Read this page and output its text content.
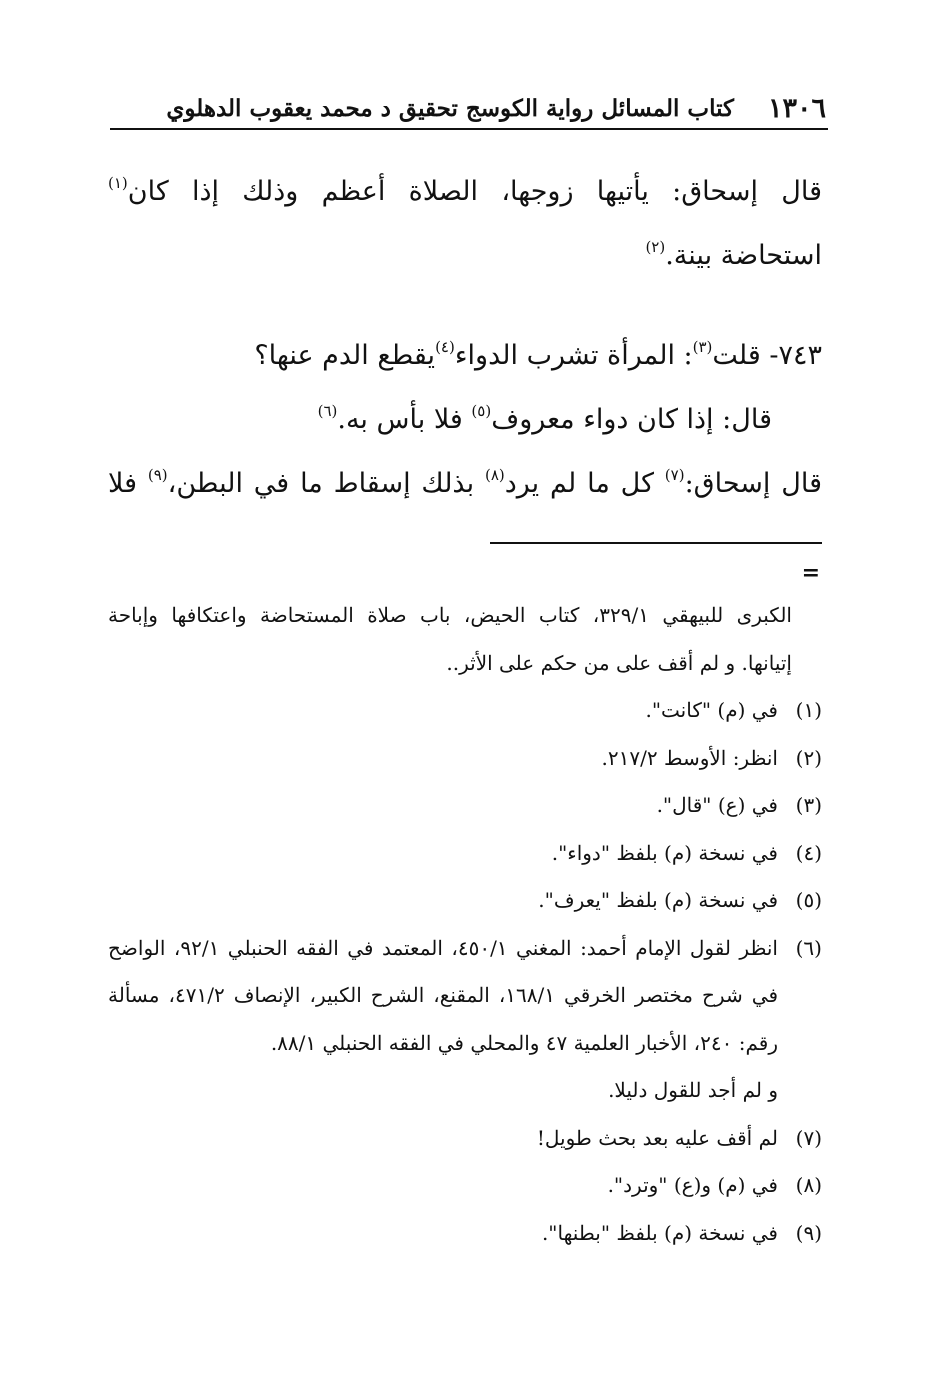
١٣٠٦
كتاب المسائل رواية الكوسج تحقيق د محمد يعقوب الدهلوي
قال إسحاق: يأتيها زوجها، الصلاة أعظم وذلك إذا كان$^{(١)}$
استحاضة بينة.$^{(٢)}$
٧٤٣- قلت$^{(٣)}$: المرأة تشرب الدواء$^{(٤)}$يقطع الدم عنها؟
قال: إذا كان دواء معروف$^{(٥)}$ فلا بأس به.$^{(٦)}$
قال إسحاق:$^{(٧)}$ كل ما لم يرد$^{(٨)}$ بذلك إسقاط ما في البطن،$^{(٩)}$ فلا
=
الكبرى للبيهقي ٣٢٩/١، كتاب الحيض، باب صلاة المستحاضة واعتكافها وإباحة
إتيانها. و لم أقف على من حكم على الأثر..
(١)في (م) "كانت".
(٢)انظر: الأوسط ٢١٧/٢.
(٣)في (ع) "قال".
(٤)في نسخة (م) بلفظ "دواء".
(٥)في نسخة (م) بلفظ "يعرف".
(٦)انظر لقول الإمام أحمد: المغني ٤٥٠/١، المعتمد في الفقه الحنبلي ٩٢/١، الواضح
في شرح مختصر الخرقي ١٦٨/١، المقنع، الشرح الكبير، الإنصاف ٤٧١/٢، مسألة
رقم: ٢٤٠، الأخبار العلمية ٤٧ والمحلي في الفقه الحنبلي ٨٨/١.
و لم أجد للقول دليلا.
(٧)لم أقف عليه بعد بحث طويل!
(٨)في (م) و(ع) "وترد".
(٩)في نسخة (م) بلفظ "بطنها".
